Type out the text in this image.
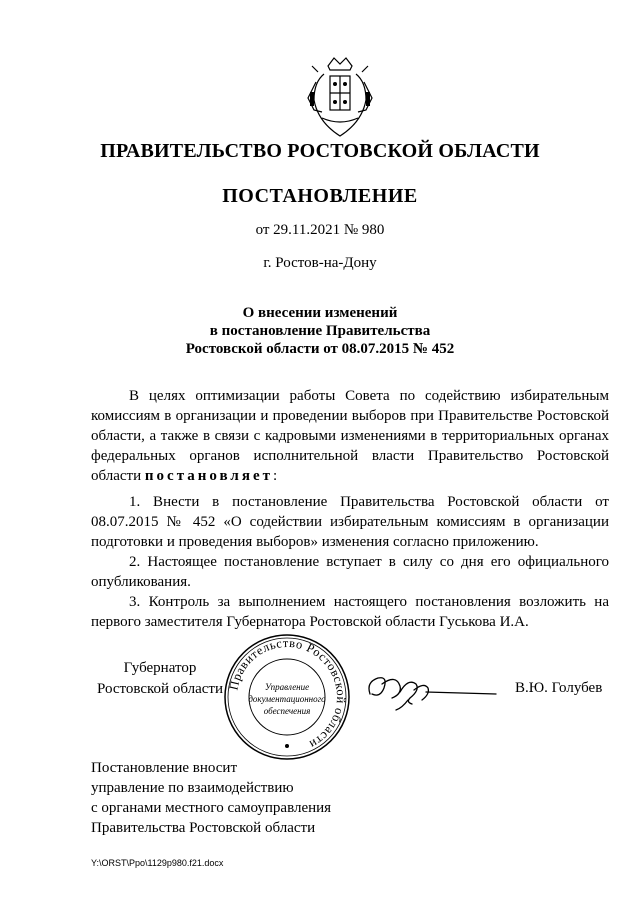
ПРАВИТЕЛЬСТВО РОСТОВСКОЙ ОБЛАСТИ
ПОСТАНОВЛЕНИЕ
от 29.11.2021 № 980
г. Ростов-на-Дону
О внесении изменений
в постановление Правительства
Ростовской области от 08.07.2015 № 452
В целях оптимизации работы Совета по содействию избирательным комиссиям в организации и проведении выборов при Правительстве Ростовской области, а также в связи с кадровыми изменениями в территориальных органах федеральных органов исполнительной власти Правительство Ростовской области постановляет:
1. Внести в постановление Правительства Ростовской области от 08.07.2015 № 452 «О содействии избирательным комиссиям в организации подготовки и проведения выборов» изменения согласно приложению.
2. Настоящее постановление вступает в силу со дня его официального опубликования.
3. Контроль за выполнением настоящего постановления возложить на первого заместителя Губернатора Ростовской области Гуськова И.А.
Губернатор
Ростовской области Правительство Ростовской области
Управление
документационного
обеспечения
В.Ю. Голубев
Постановление вносит
управление по взаимодействию
с органами местного самоуправления
Правительства Ростовской области
Y:\ORST\Ppo\1129p980.f21.docx
